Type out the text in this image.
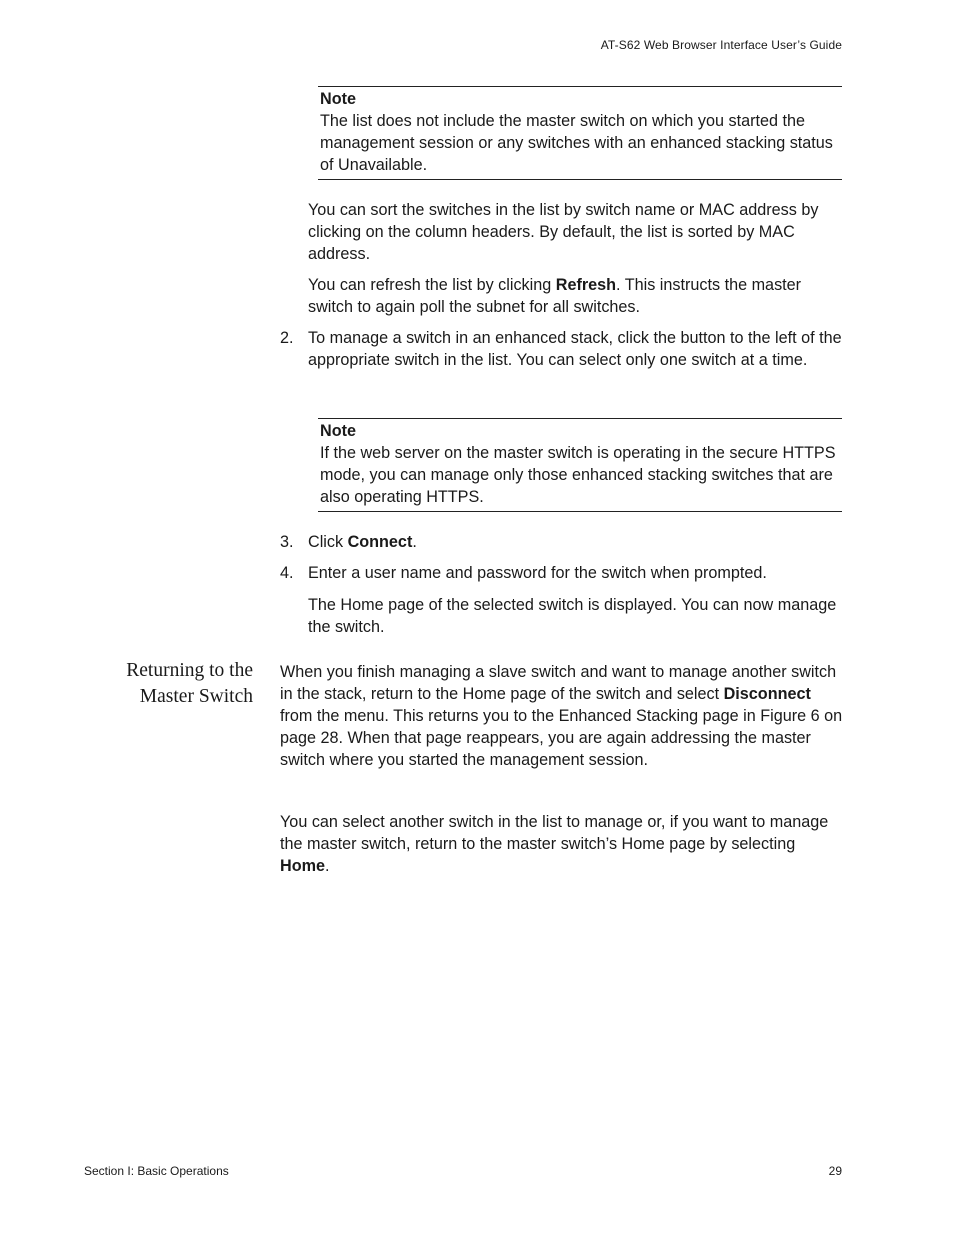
AT-S62 Web Browser Interface User’s Guide
Note
The list does not include the master switch on which you started the management session or any switches with an enhanced stacking status of Unavailable.

You can sort the switches in the list by switch name or MAC address by clicking on the column headers. By default, the list is sorted by MAC address.

You can refresh the list by clicking Refresh. This instructs the master switch to again poll the subnet for all switches.

2. To manage a switch in an enhanced stack, click the button to the left of the appropriate switch in the list. You can select only one switch at a time.
Note
If the web server on the master switch is operating in the secure HTTPS mode, you can manage only those enhanced stacking switches that are also operating HTTPS.
3. Click Connect.
4. Enter a user name and password for the switch when prompted.

The Home page of the selected switch is displayed. You can now manage the switch.

Returning to the
Master Switch

When you finish managing a slave switch and want to manage another switch in the stack, return to the Home page of the switch and select Disconnect from the menu. This returns you to the Enhanced Stacking page in Figure 6 on page 28. When that page reappears, you are again addressing the master switch where you started the management session.

You can select another switch in the list to manage or, if you want to manage the master switch, return to the master switch’s Home page by selecting Home.

Section I: Basic Operations	29
